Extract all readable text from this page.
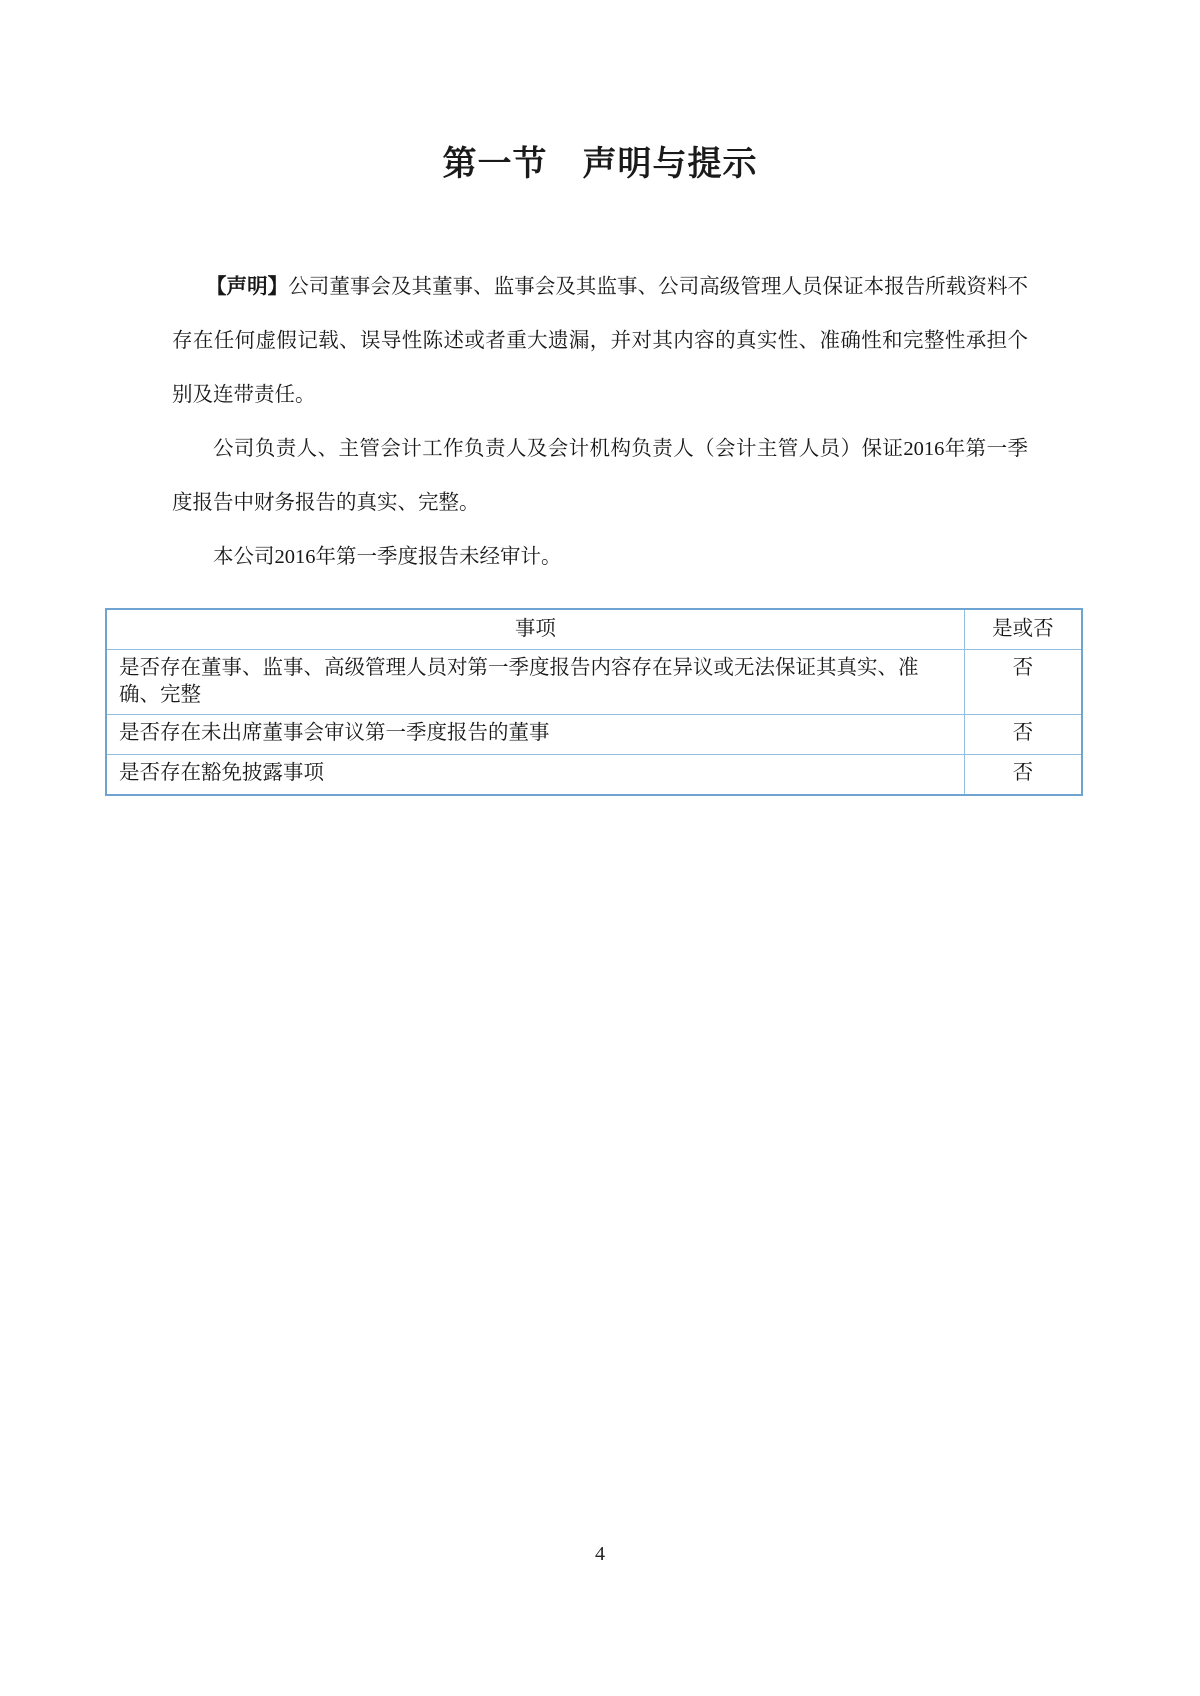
第一节　声明与提示

【声明】公司董事会及其董事、监事会及其监事、公司高级管理人员保证本报告所载资料不存在任何虚假记载、误导性陈述或者重大遗漏，并对其内容的真实性、准确性和完整性承担个别及连带责任。

公司负责人、主管会计工作负责人及会计机构负责人（会计主管人员）保证2016年第一季度报告中财务报告的真实、完整。

本公司2016年第一季度报告未经审计。

事项	是或否
是否存在董事、监事、高级管理人员对第一季度报告内容存在异议或无法保证其真实、准确、完整	否
是否存在未出席董事会审议第一季度报告的董事	否
是否存在豁免披露事项	否
4
